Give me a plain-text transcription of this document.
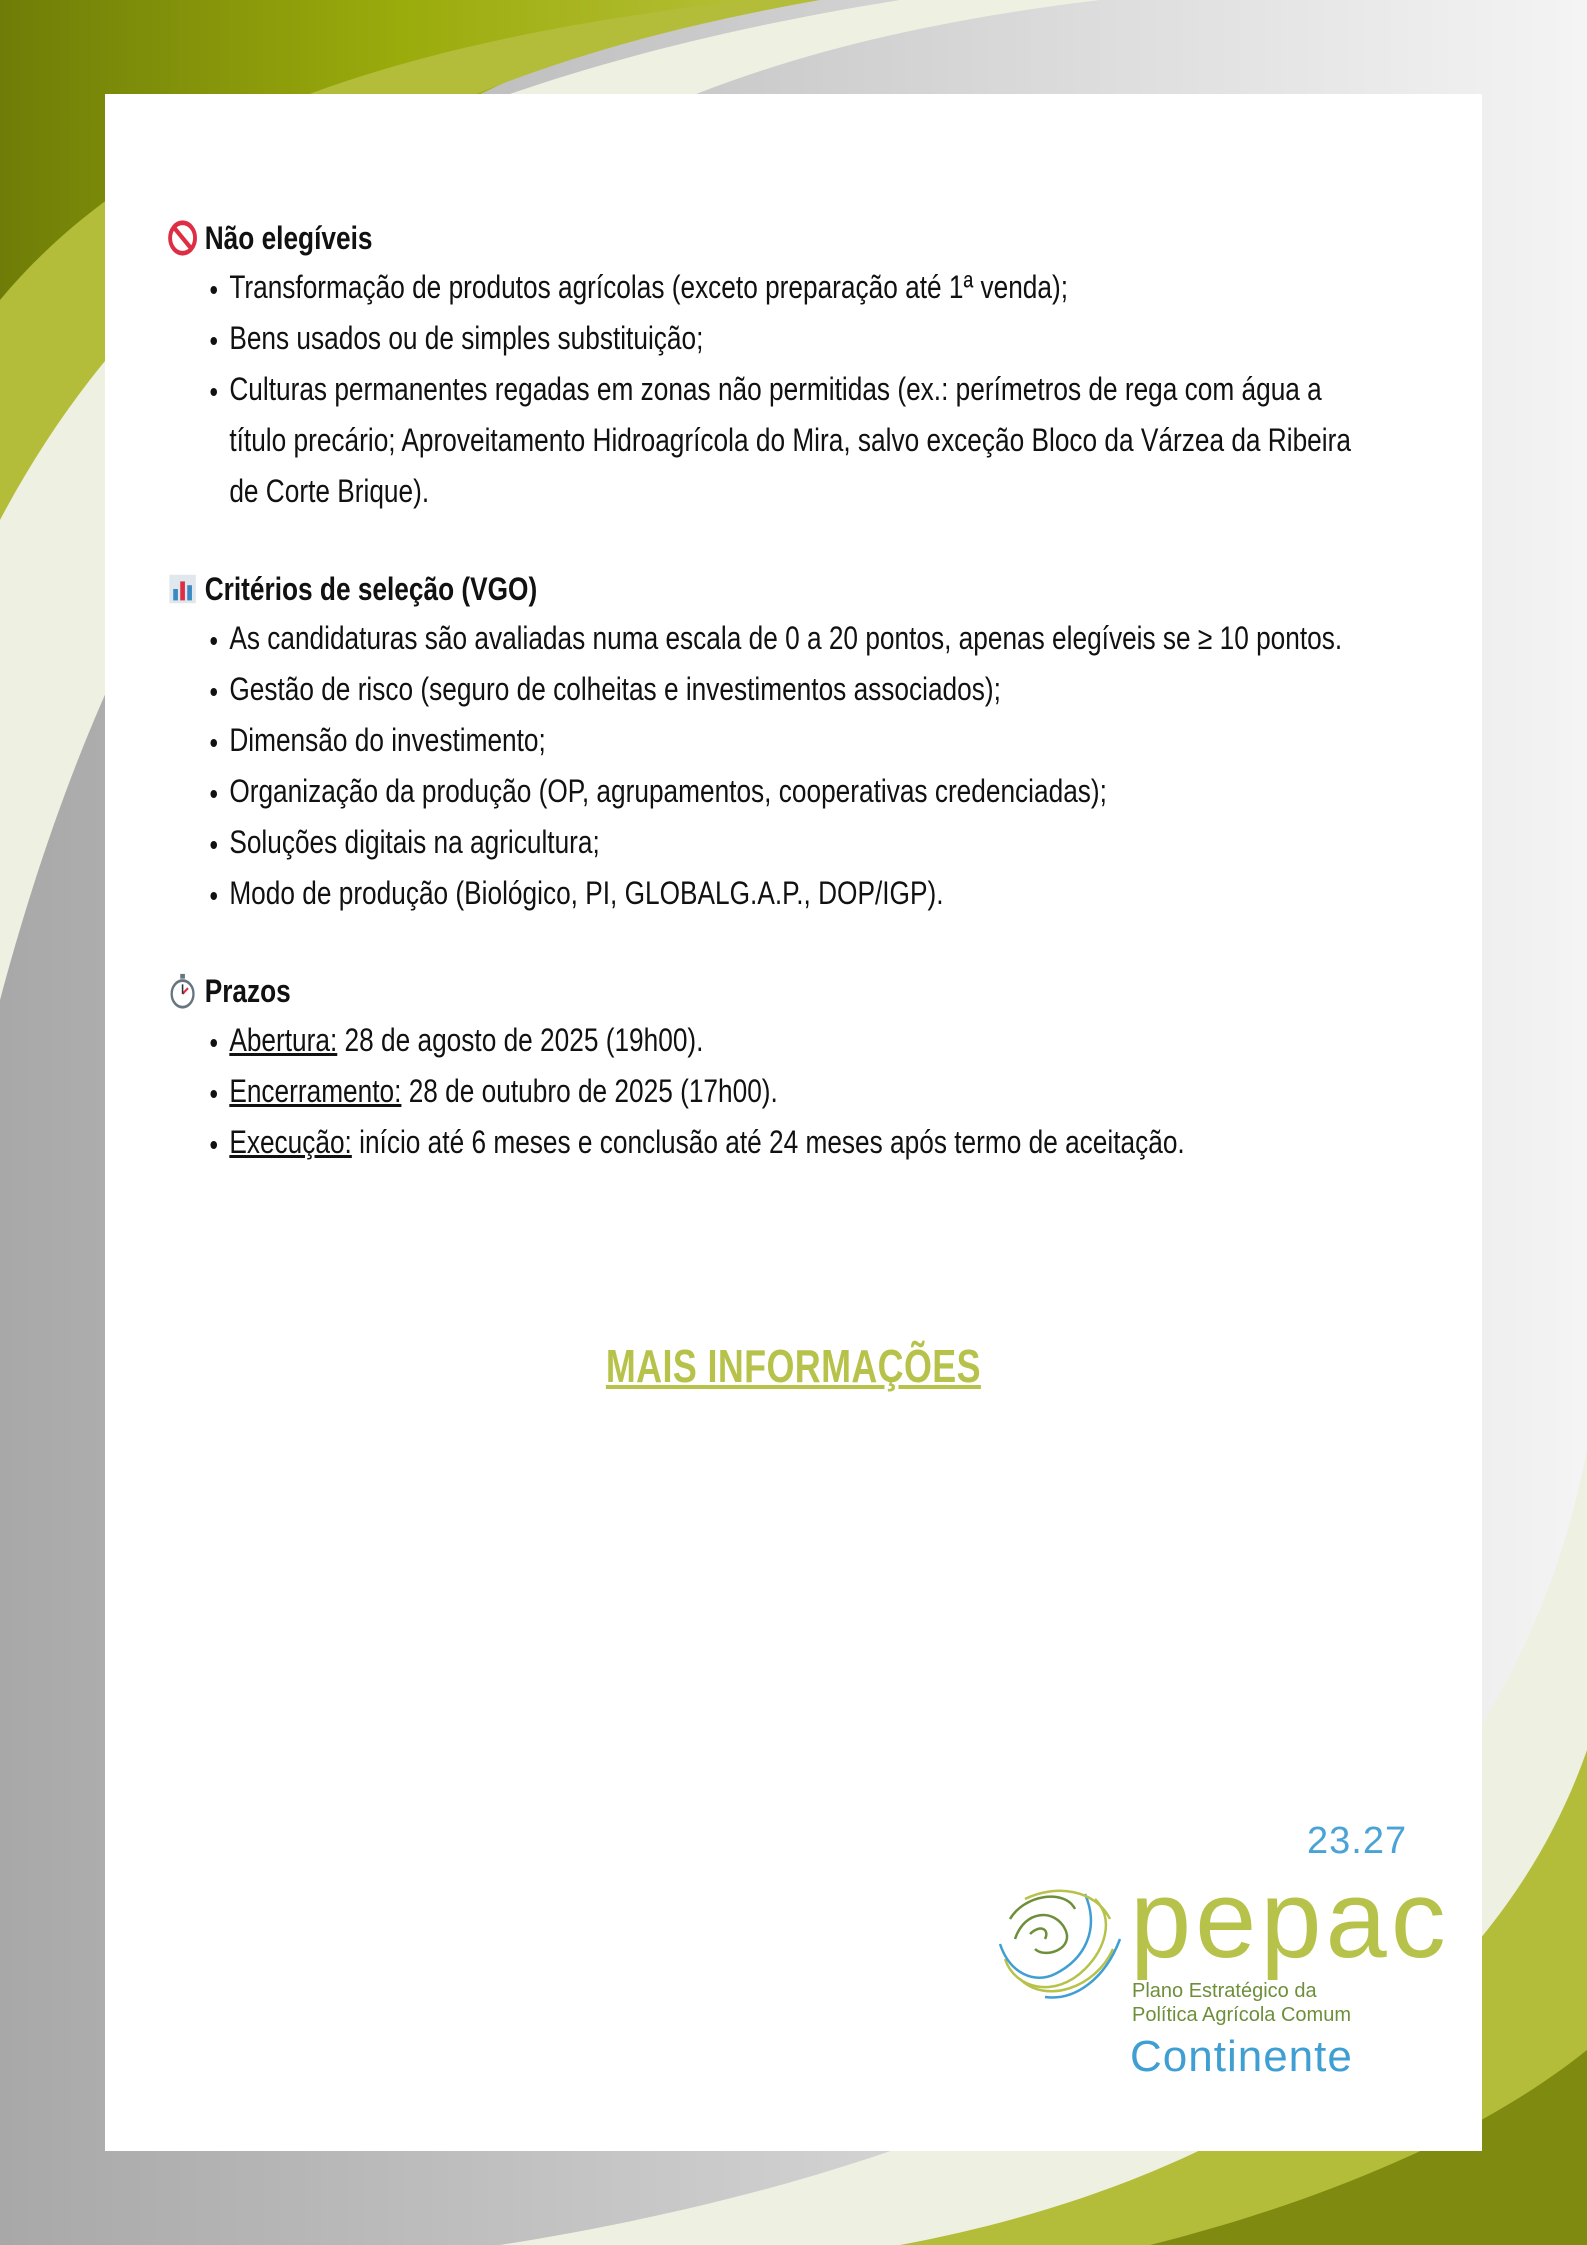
Não elegíveis
• Transformação de produtos agrícolas (exceto preparação até 1ª venda);
• Bens usados ou de simples substituição;
• Culturas permanentes regadas em zonas não permitidas (ex.: perímetros de rega com água a título precário; Aproveitamento Hidroagrícola do Mira, salvo exceção Bloco da Várzea da Ribeira de Corte Brique).
Critérios de seleção (VGO)
• As candidaturas são avaliadas numa escala de 0 a 20 pontos, apenas elegíveis se ≥ 10 pontos.
• Gestão de risco (seguro de colheitas e investimentos associados);
• Dimensão do investimento;
• Organização da produção (OP, agrupamentos, cooperativas credenciadas);
• Soluções digitais na agricultura;
• Modo de produção (Biológico, PI, GLOBALG.A.P., DOP/IGP).
Prazos
• Abertura: 28 de agosto de 2025 (19h00).
• Encerramento: 28 de outubro de 2025 (17h00).
• Execução: início até 6 meses e conclusão até 24 meses após termo de aceitação.
MAIS INFORMAÇÕES
23.27
pepac
Plano Estratégico da
Política Agrícola Comum
Continente
